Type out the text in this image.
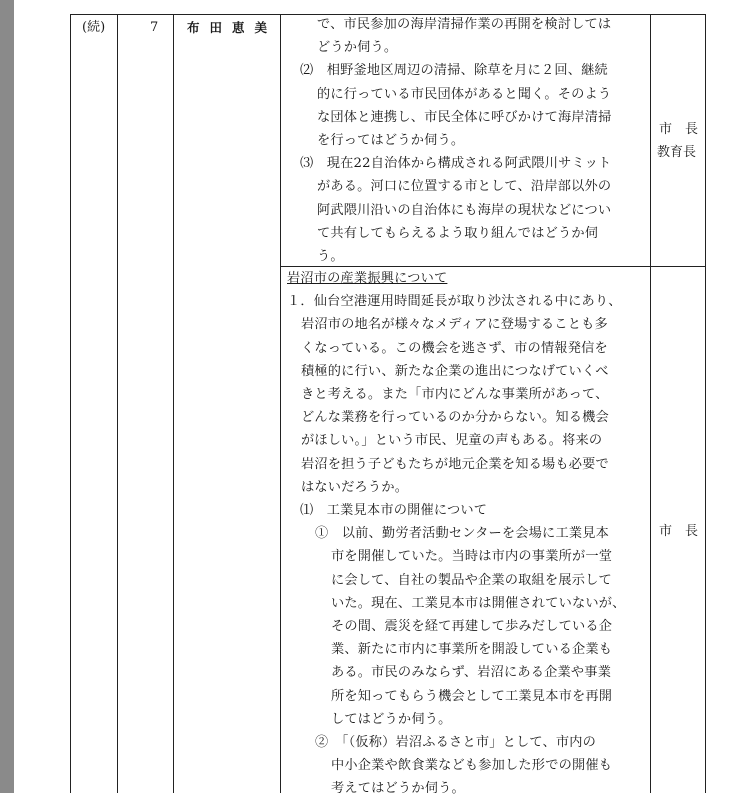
(続)	7 布田恵美	で、市民参加の海岸清掃作業の再開を検討しては
どうか伺う。
⑵　相野釜地区周辺の清掃、除草を月に２回、継続
的に行っている市民団体があると聞く。そのよう
な団体と連携し、市民全体に呼びかけて海岸清掃
を行ってはどうか伺う。
⑶　現在22自治体から構成される阿武隈川サミット
がある。河口に位置する市として、沿岸部以外の
阿武隈川沿いの自治体にも海岸の現状などについ
て共有してもらえるよう取り組んではどうか伺
う。
市　長
教育長
岩沼市の産業振興について
１．仙台空港運用時間延長が取り沙汰される中にあり、
岩沼市の地名が様々なメディアに登場することも多
くなっている。この機会を逃さず、市の情報発信を
積極的に行い、新たな企業の進出につなげていくべ
きと考える。また「市内にどんな事業所があって、
どんな業務を行っているのか分からない。知る機会
がほしい。」という市民、児童の声もある。将来の
岩沼を担う子どもたちが地元企業を知る場も必要で
はないだろうか。
⑴　工業見本市の開催について
①　以前、勤労者活動センターを会場に工業見本
市を開催していた。当時は市内の事業所が一堂
に会して、自社の製品や企業の取組を展示して
いた。現在、工業見本市は開催されていないが、
その間、震災を経て再建して歩みだしている企
業、新たに市内に事業所を開設している企業も
ある。市民のみならず、岩沼にある企業や事業
所を知ってもらう機会として工業見本市を再開
してはどうか伺う。
②　「（仮称）岩沼ふるさと市」として、市内の
中小企業や飲食業なども参加した形での開催も
考えてはどうか伺う。
市　長
